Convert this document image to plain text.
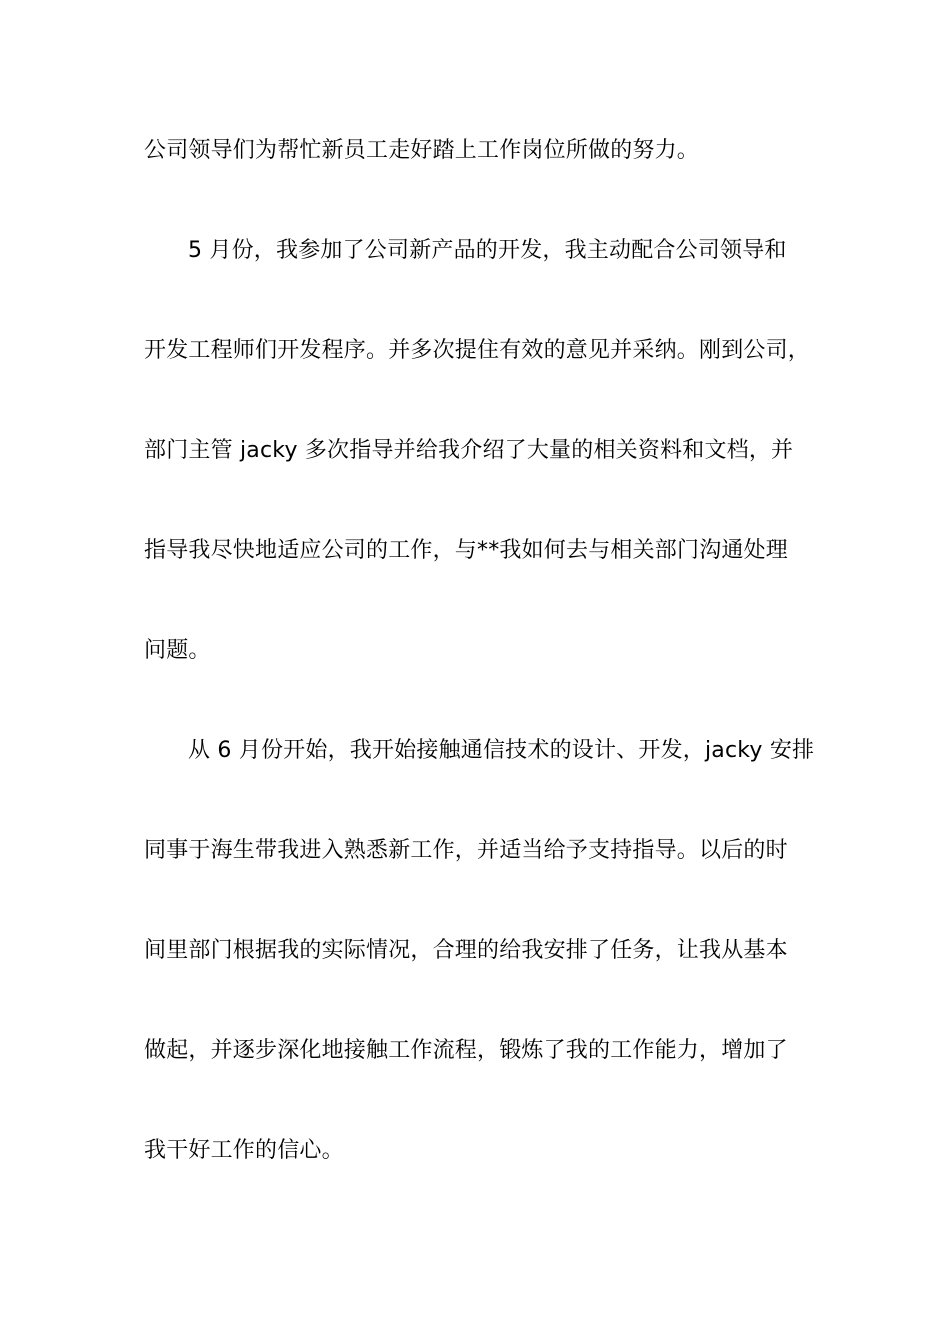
公司领导们为帮忙新员工走好踏上工作岗位所做的努力。
5 月份，我参加了公司新产品的开发，我主动配合公司领导和
开发工程师们开发程序。并多次提住有效的意见并采纳。刚到公司，
部门主管 jacky 多次指导并给我介绍了大量的相关资料和文档，并
指导我尽快地适应公司的工作，与**我如何去与相关部门沟通处理
问题。
从 6 月份开始，我开始接触通信技术的设计、开发，jacky 安排
同事于海生带我进入熟悉新工作，并适当给予支持指导。以后的时
间里部门根据我的实际情况，合理的给我安排了任务，让我从基本
做起，并逐步深化地接触工作流程，锻炼了我的工作能力，增加了
我干好工作的信心。
